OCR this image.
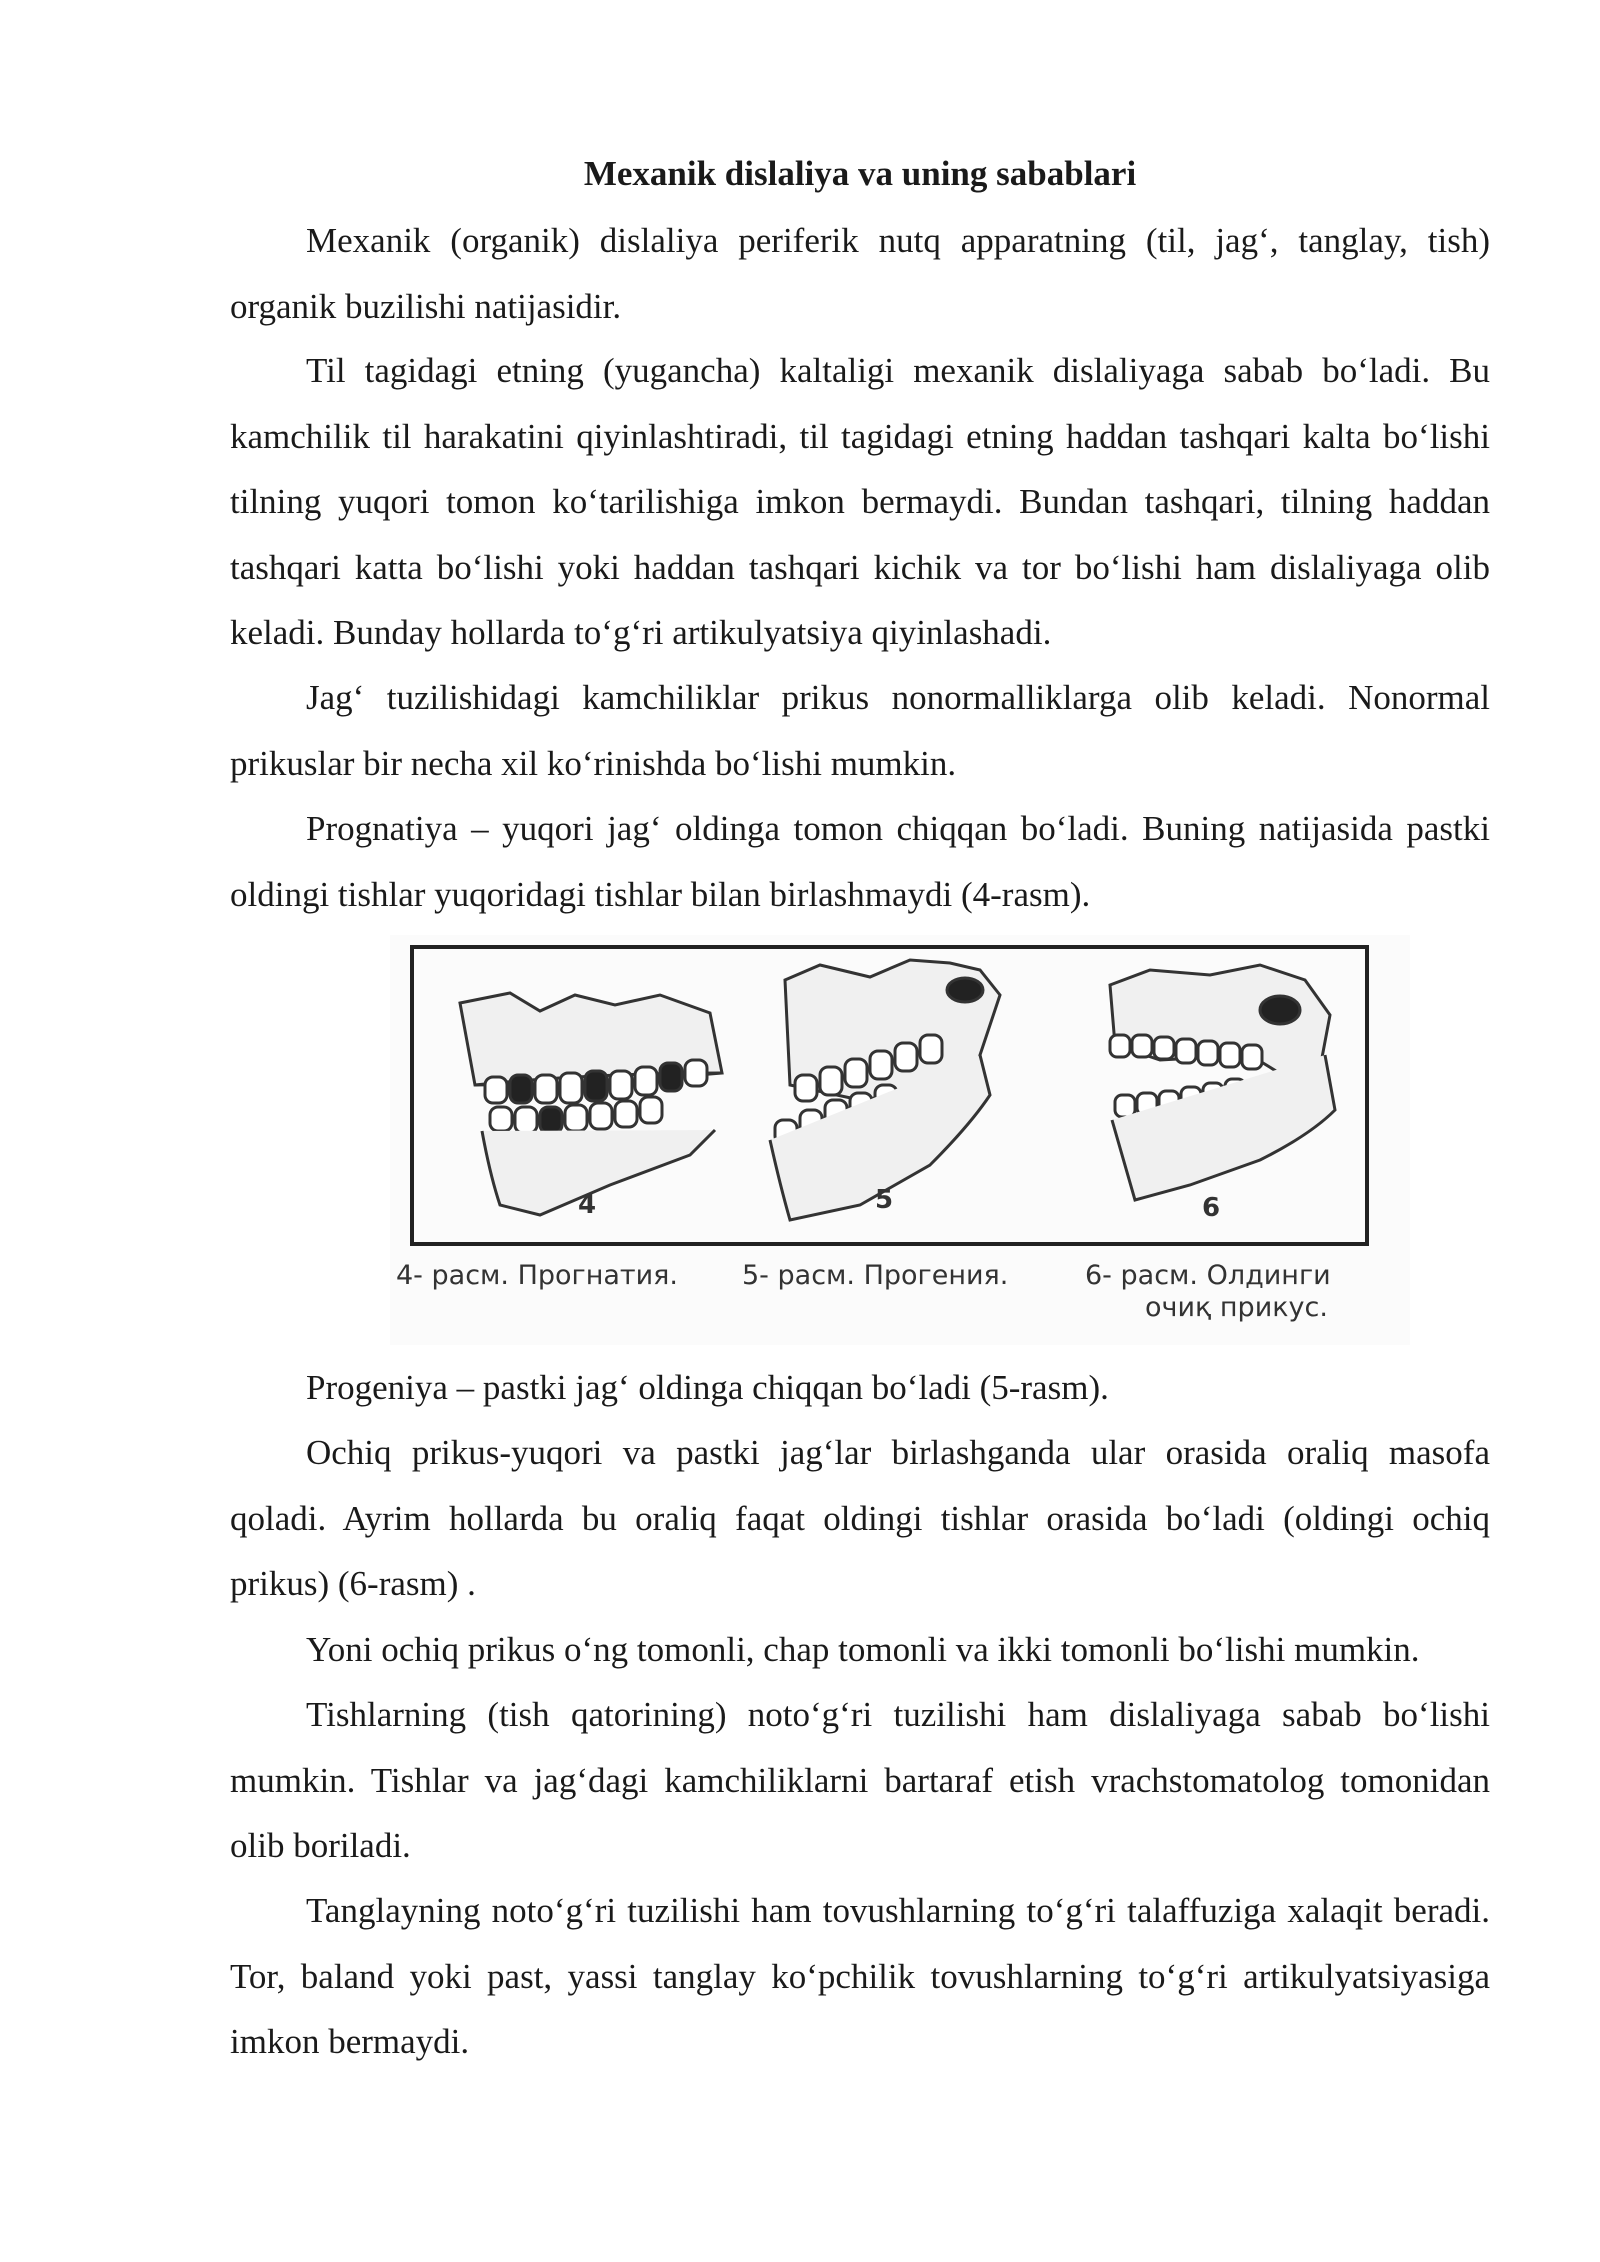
Mexanik dislaliya va uning sabablari

Mexanik (organik) dislaliya periferik nutq apparatning (til, jag‘, tanglay, tish) organik buzilishi natijasidir.

Til tagidagi etning (yugancha) kaltaligi mexanik dislaliyaga sabab bo‘ladi. Bu kamchilik til harakatini qiyinlashtiradi, til tagidagi etning haddan tashqari kalta bo‘lishi tilning yuqori tomon ko‘tarilishiga imkon bermaydi. Bundan tashqari, tilning haddan tashqari katta bo‘lishi yoki haddan tashqari kichik va tor bo‘lishi ham dislaliyaga olib keladi. Bunday hollarda to‘g‘ri artikulyatsiya qiyinlashadi.

Jag‘ tuzilishidagi kamchiliklar prikus nonormalliklarga olib keladi. Nonormal prikuslar bir necha xil ko‘rinishda bo‘lishi mumkin.

Prognatiya – yuqori jag‘ oldinga tomon chiqqan bo‘ladi. Buning natijasida pastki oldingi tishlar yuqoridagi tishlar bilan birlashmaydi (4-rasm).

4	5	6
4- расм. Прогнатия. 5- расм. Прогения.	6- расм. Олдинги
очиқ прикус.

Progeniya – pastki jag‘ oldinga chiqqan bo‘ladi (5-rasm).

Ochiq prikus-yuqori va pastki jag‘lar birlashganda ular orasida oraliq masofa qoladi. Ayrim hollarda bu oraliq faqat oldingi tishlar orasida bo‘ladi (oldingi ochiq prikus) (6-rasm) .

Yoni ochiq prikus o‘ng tomonli, chap tomonli va ikki tomonli bo‘lishi mumkin.

Tishlarning (tish qatorining) noto‘g‘ri tuzilishi ham dislaliyaga sabab bo‘lishi mumkin. Tishlar va jag‘dagi kamchiliklarni bartaraf etish vrachstomatolog tomonidan olib boriladi.

Tanglayning noto‘g‘ri tuzilishi ham tovushlarning to‘g‘ri talaffuziga xalaqit beradi. Tor, baland yoki past, yassi tanglay ko‘pchilik tovushlarning to‘g‘ri artikulyatsiyasiga imkon bermaydi.
